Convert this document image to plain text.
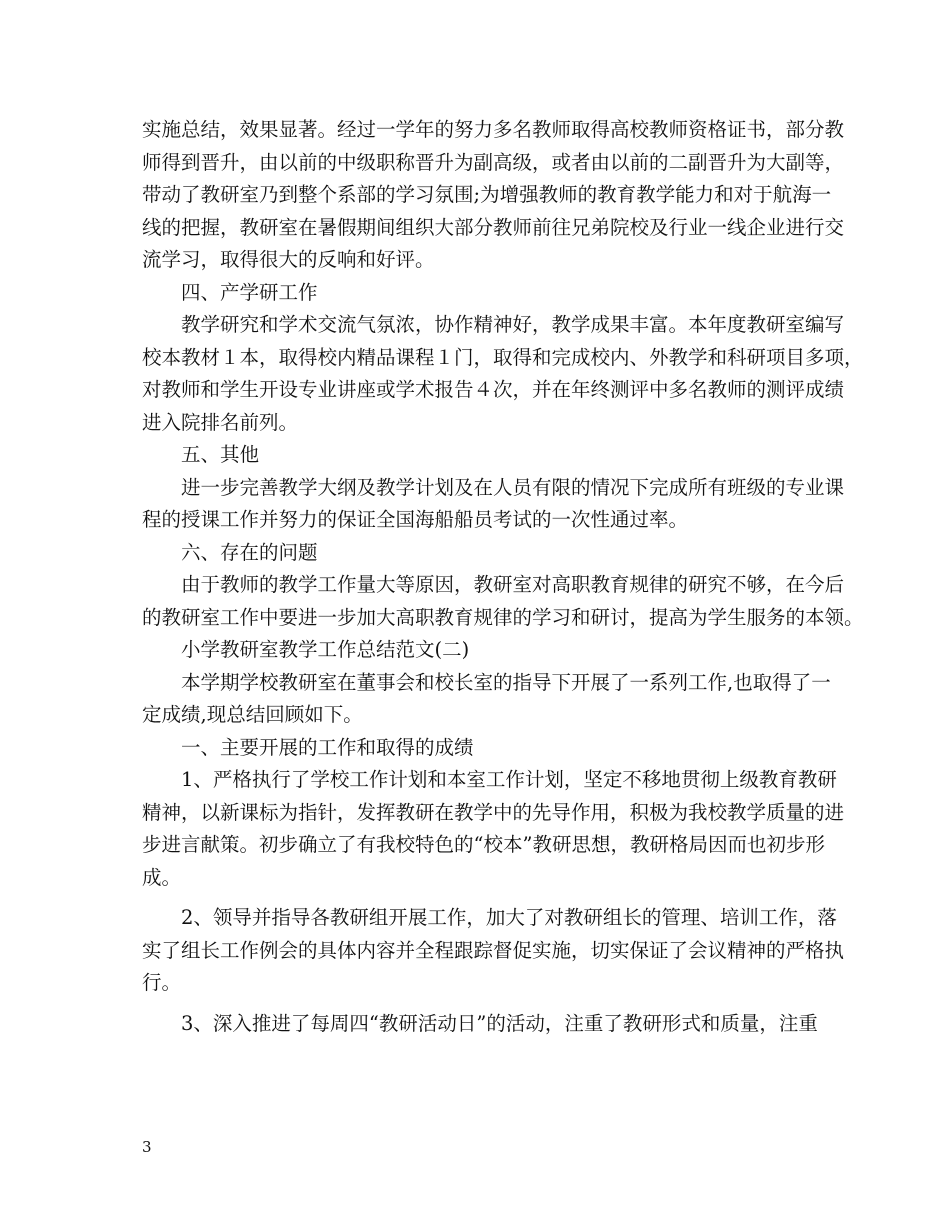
实施总结，效果显著。经过一学年的努力多名教师取得高校教师资格证书，部分教

师得到晋升，由以前的中级职称晋升为副高级，或者由以前的二副晋升为大副等，

带动了教研室乃到整个系部的学习氛围;为增强教师的教育教学能力和对于航海一

线的把握，教研室在暑假期间组织大部分教师前往兄弟院校及行业一线企业进行交

流学习，取得很大的反响和好评。

　　四、产学研工作

　　教学研究和学术交流气氛浓，协作精神好，教学成果丰富。本年度教研室编写

校本教材１本，取得校内精品课程１门，取得和完成校内、外教学和科研项目多项，

对教师和学生开设专业讲座或学术报告４次，并在年终测评中多名教师的测评成绩

进入院排名前列。

　　五、其他

　　进一步完善教学大纲及教学计划及在人员有限的情况下完成所有班级的专业课

程的授课工作并努力的保证全国海船船员考试的一次性通过率。

　　六、存在的问题

　　由于教师的教学工作量大等原因，教研室对高职教育规律的研究不够，在今后

的教研室工作中要进一步加大高职教育规律的学习和研讨，提高为学生服务的本领。

　　小学教研室教学工作总结范文(二)

　　本学期学校教研室在董事会和校长室的指导下开展了一系列工作,也取得了一

定成绩,现总结回顾如下。

　　一、主要开展的工作和取得的成绩

　　1、严格执行了学校工作计划和本室工作计划，坚定不移地贯彻上级教育教研

精神，以新课标为指针，发挥教研在教学中的先导作用，积极为我校教学质量的进

步进言献策。初步确立了有我校特色的“校本”教研思想，教研格局因而也初步形

成。

　　2、领导并指导各教研组开展工作，加大了对教研组长的管理、培训工作，落

实了组长工作例会的具体内容并全程跟踪督促实施，切实保证了会议精神的严格执

行。

　　3、深入推进了每周四“教研活动日”的活动，注重了教研形式和质量，注重

3
